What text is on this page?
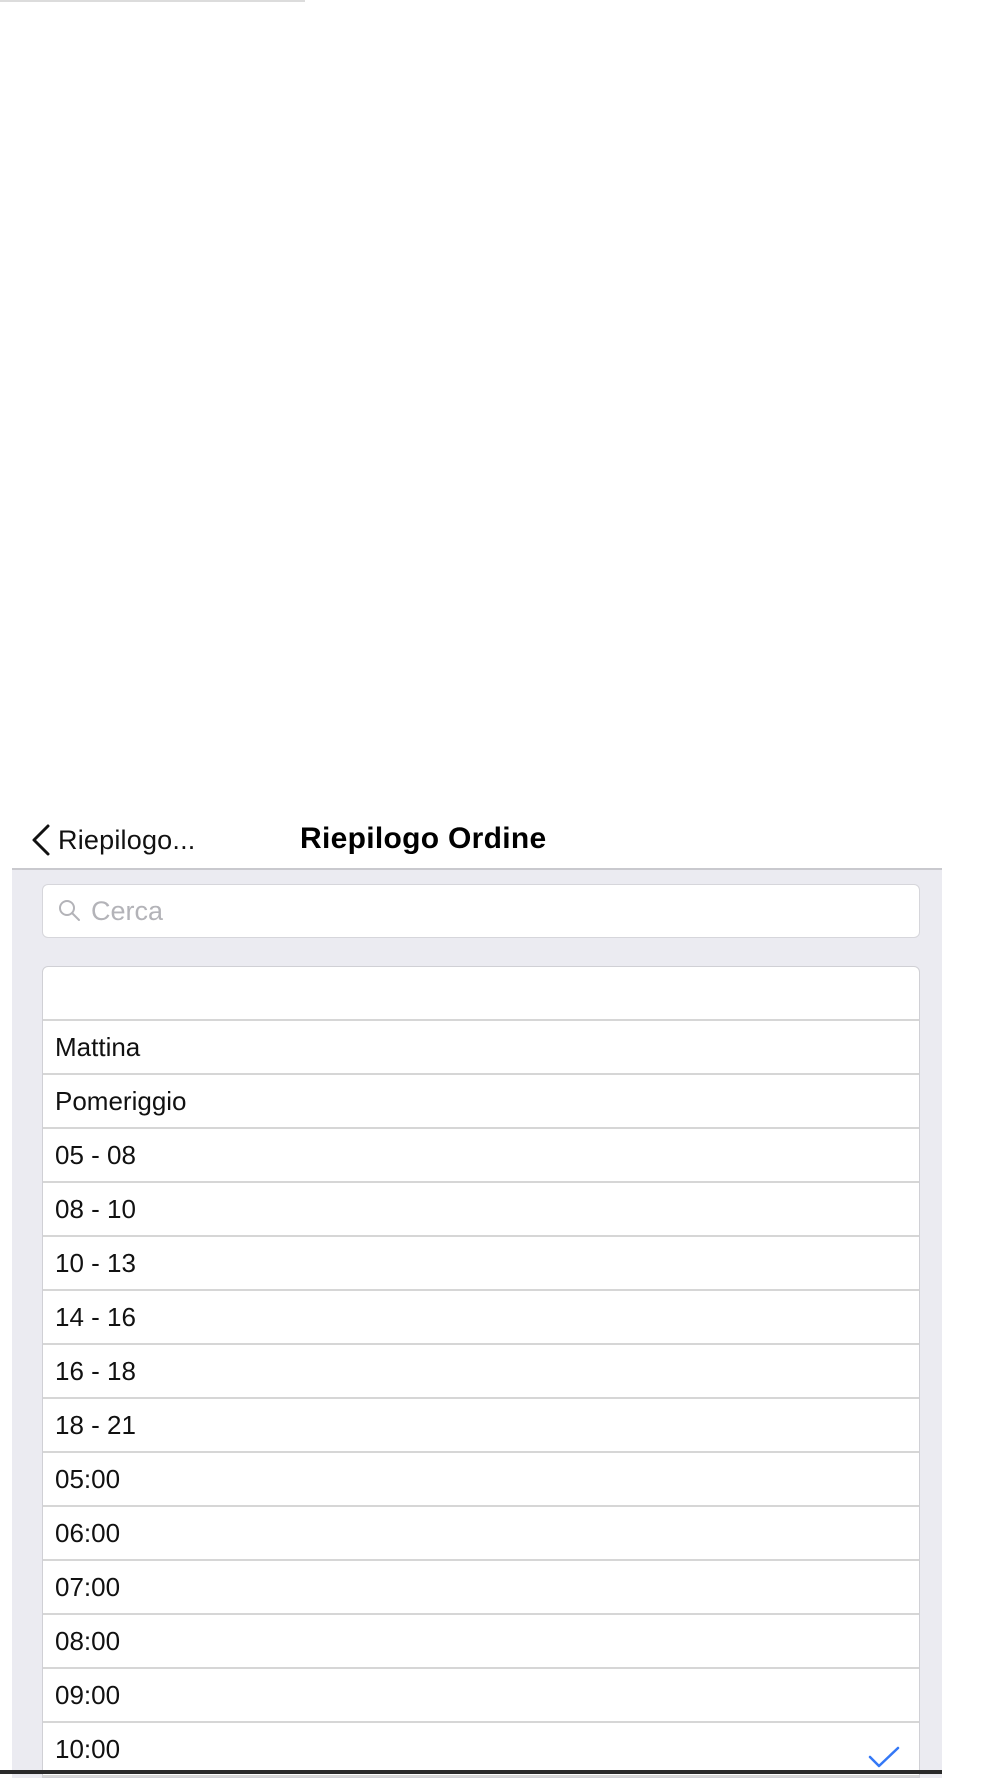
Riepilogo...	Riepilogo Ordine
Cerca
Mattina
Pomeriggio
05 - 08
08 - 10
10 - 13
14 - 16
16 - 18
18 - 21
05:00
06:00
07:00
08:00
09:00
10:00
